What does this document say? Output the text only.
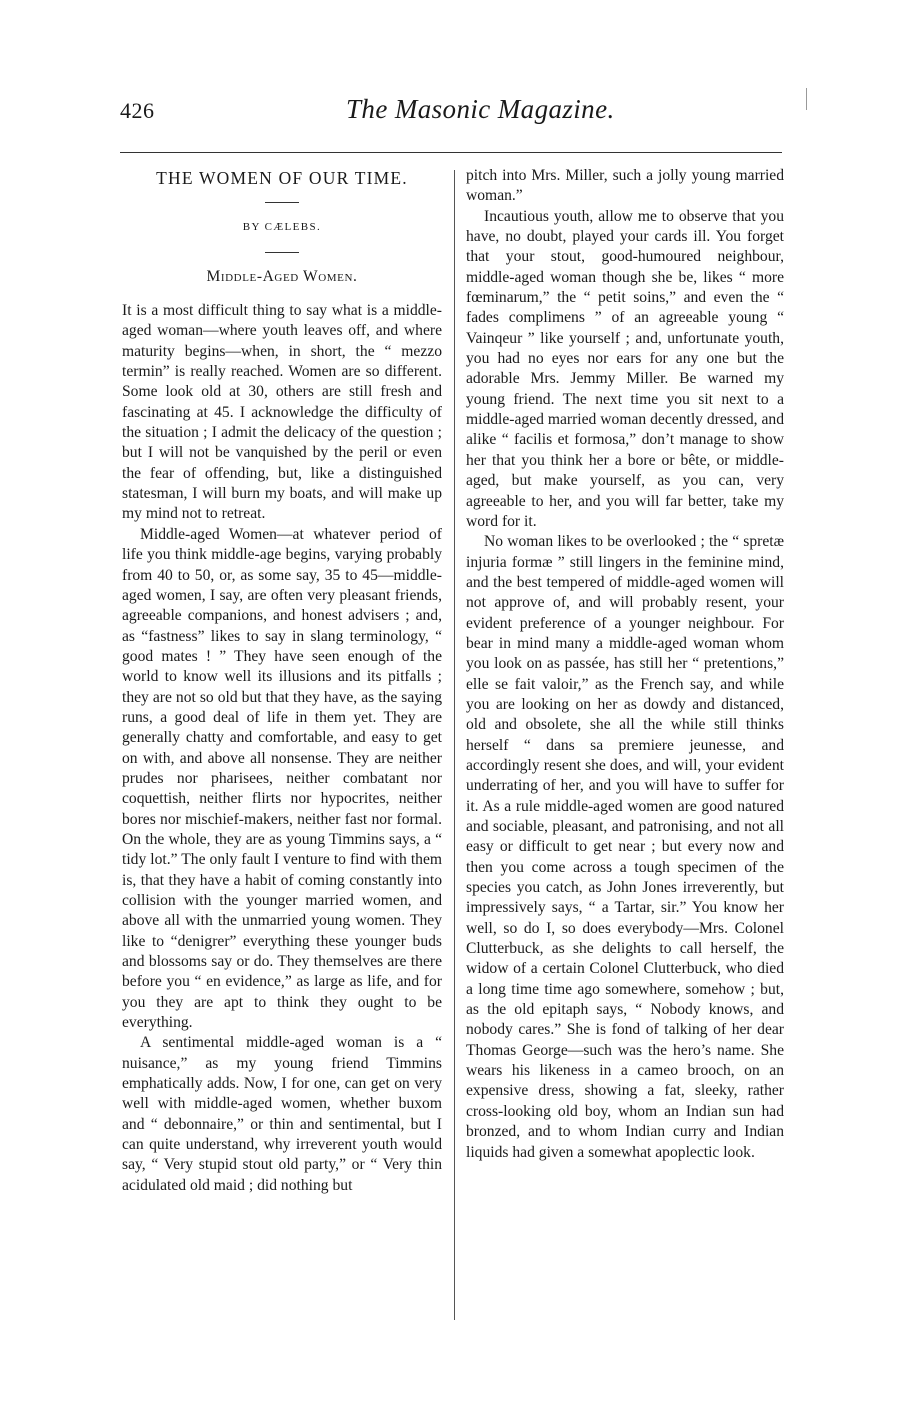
426	The Masonic Magazine.
THE WOMEN OF OUR TIME.

BY CÆLEBS.

Middle-Aged Women.

It is a most difficult thing to say what is a middle-aged woman—where youth leaves off, and where maturity begins—when, in short, the “ mezzo termin” is really reached. Women are so different. Some look old at 30, others are still fresh and fascinating at 45. I acknowledge the difficulty of the situation ; I admit the delicacy of the question ; but I will not be vanquished by the peril or even the fear of offending, but, like a distinguished statesman, I will burn my boats, and will make up my mind not to retreat.

Middle-aged Women—at whatever period of life you think middle-age begins, varying probably from 40 to 50, or, as some say, 35 to 45—middle-aged women, I say, are often very pleasant friends, agreeable companions, and honest advisers ; and, as “fastness” likes to say in slang terminology, “ good mates ! ” They have seen enough of the world to know well its illusions and its pitfalls ; they are not so old but that they have, as the saying runs, a good deal of life in them yet. They are generally chatty and comfortable, and easy to get on with, and above all nonsense. They are neither prudes nor pharisees, neither combatant nor coquettish, neither flirts nor hypocrites, neither bores nor mischief-makers, neither fast nor formal. On the whole, they are as young Timmins says, a “ tidy lot.” The only fault I venture to find with them is, that they have a habit of coming constantly into collision with the younger married women, and above all with the unmarried young women. They like to “denigrer” everything these younger buds and blossoms say or do. They themselves are there before you “ en evidence,” as large as life, and for you they are apt to think they ought to be everything.

A sentimental middle-aged woman is a “ nuisance,” as my young friend Timmins emphatically adds. Now, I for one, can get on very well with middle-aged women, whether buxom and “ debonnaire,” or thin and sentimental, but I can quite understand, why irreverent youth would say, “ Very stupid stout old party,” or “ Very thin acidulated old maid ; did nothing but

pitch into Mrs. Miller, such a jolly young married woman.”

Incautious youth, allow me to observe that you have, no doubt, played your cards ill. You forget that your stout, good-humoured neighbour, middle-aged woman though she be, likes “ more fœminarum,” the “ petit soins,” and even the “ fades complimens ” of an agreeable young “ Vainqeur ” like yourself ; and, unfortunate youth, you had no eyes nor ears for any one but the adorable Mrs. Jemmy Miller. Be warned my young friend. The next time you sit next to a middle-aged married woman decently dressed, and alike “ facilis et formosa,” don’t manage to show her that you think her a bore or bête, or middle-aged, but make yourself, as you can, very agreeable to her, and you will far better, take my word for it.

No woman likes to be overlooked ; the “ spretæ injuria formæ ” still lingers in the feminine mind, and the best tempered of middle-aged women will not approve of, and will probably resent, your evident preference of a younger neighbour. For bear in mind many a middle-aged woman whom you look on as passée, has still her “ pretentions,” elle se fait valoir,” as the French say, and while you are looking on her as dowdy and distanced, old and obsolete, she all the while still thinks herself “ dans sa premiere jeunesse, and accordingly resent she does, and will, your evident underrating of her, and you will have to suffer for it. As a rule middle-aged women are good natured and sociable, pleasant, and patronising, and not all easy or difficult to get near ; but every now and then you come across a tough specimen of the species you catch, as John Jones irreverently, but impressively says, “ a Tartar, sir.” You know her well, so do I, so does everybody—Mrs. Colonel Clutterbuck, as she delights to call herself, the widow of a certain Colonel Clutterbuck, who died a long time time ago somewhere, somehow ; but, as the old epitaph says, “ Nobody knows, and nobody cares.” She is fond of talking of her dear Thomas George—such was the hero’s name. She wears his likeness in a cameo brooch, on an expensive dress, showing a fat, sleeky, rather cross-looking old boy, whom an Indian sun had bronzed, and to whom Indian curry and Indian liquids had given a somewhat apoplectic look.
